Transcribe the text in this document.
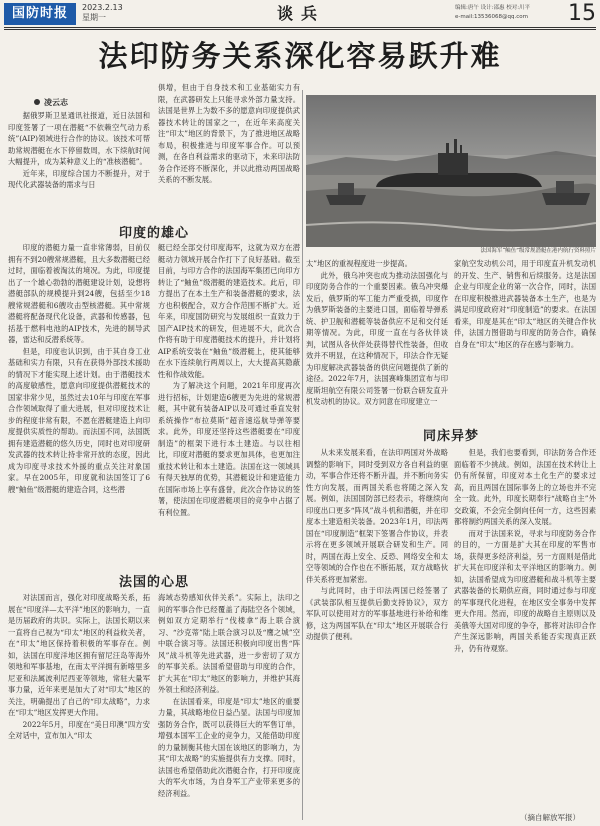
国防时报	2023.2.13
星期一	谈兵	编辑:唐午 设计:邵惠 校对:川平
e-mail:13536068@qq.com	15
法印防务关系深化容易跃升难
凌云志

据俄罗斯卫星通讯社报道，近日法国和印度签署了一项在潜艇“不依赖空气动力系统”(AIP)领域进行合作的协议。该技术可帮助常规潜艇在水下停留数周，水下续航时间大幅提升，成为某种意义上的“准核潜艇”。

近年来，印度综合国力不断提升，对于现代化武器装备的需求与日

俱增，但由于自身技术和工业基础实力有限，在武器研发上只能寻求外部力量支持。法国是世界上为数不多的愿意向印度提供武器技术转让的国家之一，在近年来高度关注“印太”地区的背景下，为了推进地区战略布局，积极推进与印度军事合作。可以预测，在各自利益需求的驱动下，未来印法防务合作还将不断深化，并以此推动两国战略关系的不断发展。

法国海军“鲉鱼”级常规潜艇在港内航行资料照片
印度的雄心

印度的潜艇力量一直非常薄弱，目前仅拥有不到20艘常规潜艇，且大多数潜艇已经过时，面临着被淘汰的境况。为此，印度提出了一个雄心勃勃的潜艇建设计划，设想将潜艇部队的规模提升到24艘，包括至少18艘常规潜艇和6艘攻击型核潜艇。其中常规潜艇将配备现代化设备，武器和传感器，包括基于燃料电池的AIP技术，先进的制导武器，雷达和反潜系统等。

但是，印度也认识到，由于其自身工业基础和实力有限，只有在获得外部技术援助的情况下才能实现上述计划。由于潜艇技术的高度敏感性，愿意向印度提供潜艇技术的国家非常少见，虽然过去10年与印度在军事合作领域取得了重大进展，但对印度技术让步的程度非常有限，不愿在潜艇建造上向印度提供实质性的帮助。而法国不同，法国既拥有建造潜艇的悠久历史，同时也对印度研发武器的技术转让持非常开放的态度，因此成为印度寻求技术外援的重点关注对象国家。早在2005年，印度就和法国签订了6艘“鲉鱼”级潜艇的建造合同，这些潜

艇已经全部交付印度海军，这就为双方在潜艇动力领域开展合作打下了良好基础。截至目前，与印方合作的法国海军集团已向印方转让了“鲉鱼”级潜艇的建造技术。此后，印方提出了在本土生产和装备潜艇的要求，法方也积极配合，双方合作范围不断扩大。近年来，印度国防研究与发展组织一直致力于国产AIP技术的研发，但进展不大，此次合作将有助于印度潜艇技术的提升，并计划将AIP系统安装在“鲉鱼”级潜艇上，使其能够在水下连续航行两周以上，大大提高其隐蔽性和作战效能。

为了解决这个问题，2021年印度再次进行招标，计划建造6艘更为先进的常规潜艇，其中就有装备AIP以及可通过垂直发射系统操作“布拉莫斯”超音速巡航导弹等要求。此外，印度还坚持这些潜艇要在“印度制造”的框架下进行本土建造。与以往相比，印度对潜艇的要求更加具体，也更加注重技术转让和本土建造。法国在这一领域具有得天独厚的优势，其潜艇设计和建造能力在国际市场上享有盛誉，此次合作协议的签署，使法国在印度潜艇项目的竞争中占据了有利位置。

法国的心思

对法国而言，强化对印度战略关系，拓展在“印度洋—太平洋”地区的影响力，一直是历届政府的共识。实际上，法国长期以来一直将自己视为“印太”地区的利益攸关者，在“印太”地区保持着积极的军事存在。例如，法国在印度洋地区拥有留尼汪岛等海外领地和军事基地，在南太平洋拥有新喀里多尼亚和法属波利尼西亚等领地，常驻大量军事力量，近年来更是加大了对“印太”地区的关注，明确提出了自己的“印太战略”，力求在“印太”地区发挥更大作用。

2022年5月，印度在“美日印澳”四方安全对话中，宣布加入“印太

海域态势感知伙伴关系”。实际上，法印之间的军事合作已经覆盖了海陆空各个领域，例如双方定期举行“伐楼拿”海上联合演习、“沙克蒂”陆上联合演习以及“鹰之城”空中联合演习等。法国还积极向印度出售“阵风”战斗机等先进武器，进一步密切了双方的军事关系。法国希望借助与印度的合作，扩大其在“印太”地区的影响力，并维护其海外领土和经济利益。

在法国看来，印度是“印太”地区的重要力量，其战略地位日益凸显。法国与印度加强防务合作，既可以获得巨大的军售订单，增强本国军工企业的竞争力，又能借助印度的力量制衡其他大国在该地区的影响力，为其“印太战略”的实施提供有力支撑。同时，法国也希望借助此次潜艇合作，打开印度庞大的军火市场，为自身军工产业带来更多的经济利益。

太”地区的重视程度进一步提高。

此外，俄乌冲突也成为推动法国强化与印度防务合作的一个重要因素。俄乌冲突爆发后，俄罗斯的军工能力严重受损，印度作为俄罗斯装备的主要进口国，面临着导弹系统、护卫舰和潜艇等装备供应不足和交付延期等情况。为此，印度一直在与各伙伴谈判，试图从各伙伴处获得替代性装备，但收效并不明显，在这种情况下，印法合作无疑为印度解决武器装备的供应问题提供了新的途径。2022年7月，法国赛峰集团宣布与印度斯坦航空有限公司签署一份联合研发直升机发动机的协议。双方同意在印度建立一

家航空发动机公司，用于印度直升机发动机的开发、生产、销售和后续服务。这是法国企业与印度企业的第一次合作，同时，法国在印度积极推进武器装备本土生产，也是为满足印度政府对“印度制造”的要求。在法国看来，印度是其在“印太”地区的关键合作伙伴，法国力图借助与印度的防务合作，确保自身在“印太”地区的存在感与影响力。

同床异梦

从未来发展来看，在法印两国对外战略调整的影响下，同时受到双方各自利益的驱动，军事合作还将不断升温，并不断向务实性方向发展，而两国关系也将随之深入发展。例如，法国国防部已经表示，将继续向印度出口更多“阵风”战斗机和潜艇，并在印度本土建造相关装备。2023年1月，印法两国在“印度制造”框架下签署合作协议，并表示将在更多领域开展联合研发和生产。同时，两国在海上安全、反恐、网络安全和太空等领域的合作也在不断拓展，双方战略伙伴关系将更加紧密。

与此同时，由于印法两国已经签署了《武装部队相互提供后勤支持协议》，双方军队可以使用对方的军事基地进行补给和维修，这为两国军队在“印太”地区开展联合行动提供了便利。

但是，我们也要看到，印法防务合作还面临着不少挑战。例如，法国在技术转让上仍有所保留，印度对本土化生产的要求过高，而且两国在国际事务上的立场也并不完全一致。此外，印度长期奉行“战略自主”外交政策，不会完全倒向任何一方，这些因素都将制约两国关系的深入发展。

而对于法国来说，寻求与印度防务合作的目的，一方面是扩大其在印度的军售市场，获得更多经济利益，另一方面则是借此扩大其在印度洋和太平洋地区的影响力。例如，法国希望成为印度潜艇和战斗机等主要武器装备的长期供应商，同时通过参与印度的军事现代化进程，在地区安全事务中发挥更大作用。然而，印度的战略自主原则以及美俄等大国对印度的争夺，都将对法印合作产生深远影响，两国关系能否实现真正跃升，仍有待观察。

（摘自解放军报）
